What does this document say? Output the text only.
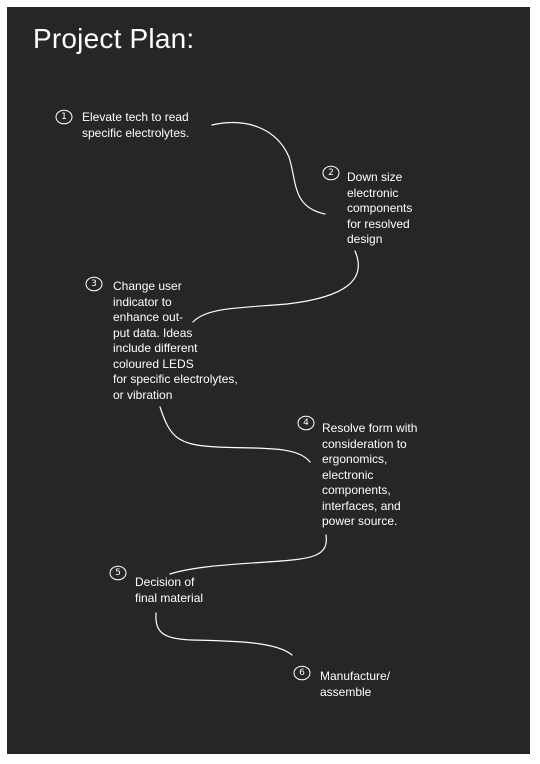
Project Plan:
1 Elevate tech to read
specific electrolytes.
2 Down size
electronic
components
for resolved
design
3 Change user
indicator to
enhance out-
put data. Ideas
include different
coloured LEDS
for specific electrolytes,
or vibration
4 Resolve form with
consideration to
ergonomics,
electronic
components,
interfaces, and
power source.
5
Decision of
final material
6 Manufacture/
assemble
